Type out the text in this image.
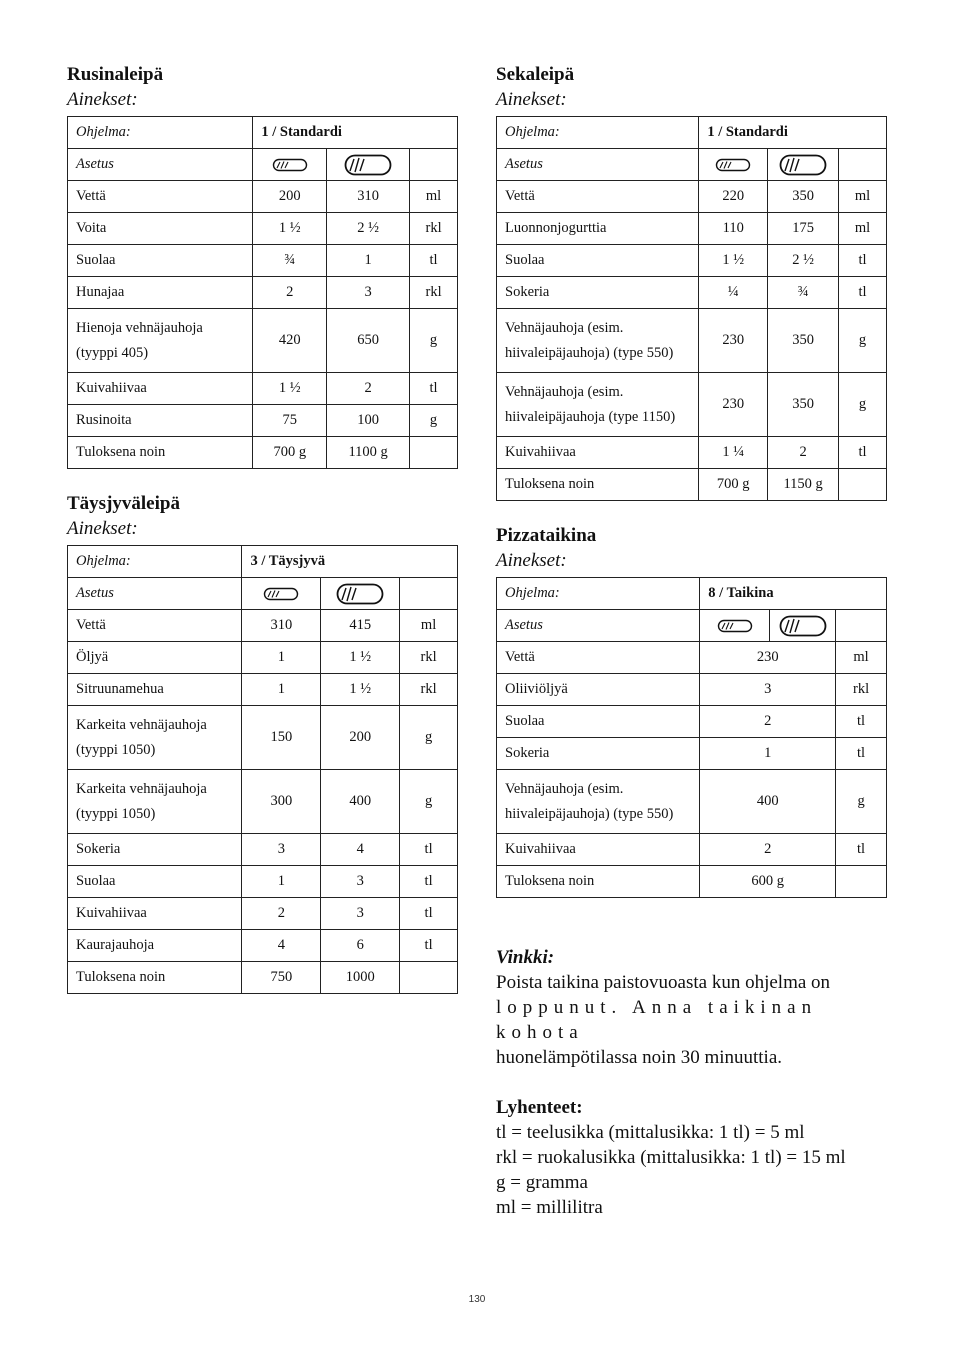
Rusinaleipä
Ainekset:
Ohjelma:	1 / Standardi		
Asetus			
Vettä	200	310	ml
Voita	1 ½	2 ½	rkl
Suolaa	¾	1	tl
Hunajaa	2	3	rkl
Hienoja vehnäjauhoja
(tyyppi 405)	420	650	g
Kuivahiivaa	1 ½	2	tl
Rusinoita	75	100	g
Tuloksena noin	700 g	1100 g	
Täysjyväleipä
Ainekset:
Ohjelma:	3 / Täysjyvä		
Asetus			
Vettä	310	415	ml
Öljyä	1	1 ½	rkl
Sitruunamehua	1	1 ½	rkl
Karkeita vehnäjauhoja
(tyyppi 1050)	150	200	g
Karkeita vehnäjauhoja
(tyyppi 1050)	300	400	g
Sokeria	3	4	tl
Suolaa	1	3	tl
Kuivahiivaa	2	3	tl
Kaurajauhoja	4	6	tl
Tuloksena noin	750	1000	
Sekaleipä
Ainekset:
Ohjelma:	1 / Standardi		
Asetus			
Vettä	220	350	ml
Luonnonjogurttia	110	175	ml
Suolaa	1 ½	2 ½	tl
Sokeria	¼	¾	tl
Vehnäjauhoja (esim.
hiivaleipäjauhoja) (type 550)	230	350	g
Vehnäjauhoja (esim.
hiivaleipäjauhoja (type 1150)	230	350	g
Kuivahiivaa	1 ¼	2	tl
Tuloksena noin	700 g	1150 g	
Pizzataikina
Ainekset:
Ohjelma:	8 / Taikina		
Asetus			
Vettä	230		ml
Oliiviöljyä	3		rkl
Suolaa	2		tl
Sokeria	1		tl
Vehnäjauhoja (esim.
hiivaleipäjauhoja) (type 550)	400		g
Kuivahiivaa	2		tl
Tuloksena noin	600 g		

Vinkki:

Poista taikina paistovuoasta kun ohjelma on

loppunut. Anna taikinan kohota

huonelämpötilassa noin 30 minuuttia.

Lyhenteet:

tl = teelusikka (mittalusikka: 1 tl) = 5 ml

rkl = ruokalusikka (mittalusikka: 1 tl) = 15 ml

g = gramma

ml = millilitra

130
